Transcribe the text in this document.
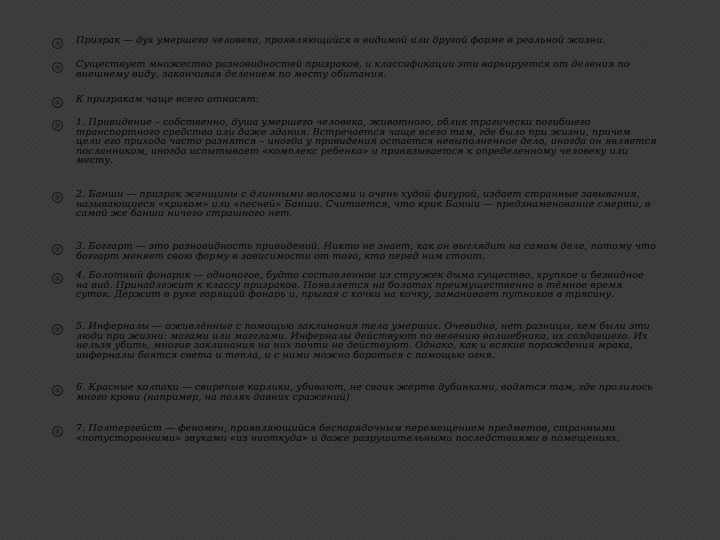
Призрак — дух умершего человека, проявляющийся в видимой или другой форме в реальной жизни.

Существует множество разновидностей призраков, и классификации эти варьируется от деления по внешнему виду, заканчивая делением по месту обитания.

К призракам чаще всего относят:

1. Привидение – собственно, душа умершего человека, животного, облик трагически погибшего транспортного средства или даже здания. Встречается чаще всего там, где было при жизни, причем цели его прихода часто разнятся – иногда у привидения остается невыполненное дело, иногда он является посланником, иногда испытывает «комплекс ребенка» и привязывается к определенному человеку или месту.

2. Банши — призрак женщины с длинными волосами и очень худой фигурой, издает странные завывания, называющиеся «криком» или «песней» Банши. Считается, что крик Банши — предзнаменование смерти, в самой же банши ничего страшного нет.

3. Боггарт — это разновидность привидений. Никто не знает, как он выглядит на самом деле, потому что боггарт меняет свою форму в зависимости от того, кто перед ним стоит.

4. Болотный фонарик — одноногое, будто составленное из стружек дыма существо, хрупкое и безвидное на вид. Принадлежит к классу призраков. Появляется на болотах преимущественно в тёмное время суток. Держит в руке горящий фонарь и, прыгая с кочки на кочку, заманивает путников в трясину.

5. Инферналы — оживлённые с помощью заклинания тела умерших. Очевидно, нет разницы, кем были эти люди при жизни: магами или магглами. Инферналы действуют по велению волшебника, их создавшего. Их нельзя убить, многие заклинания на них почти не действуют. Однако, как и всякие порождения мрака, инферналы боятся света и тепла, и с ними можно бороться с помощью огня.

6. Красные колпаки — свирепые карлики, убивают, не своих жертв дубинками, водятся там, где пролилось много крови (например, на полях давних сражений)

7. Полтергейст — феномен, проявляющийся беспорядочным перемещением предметов, странными «потусторонними» звуками «из ниоткуда» и даже разрушительными последствиями в помещениях.
